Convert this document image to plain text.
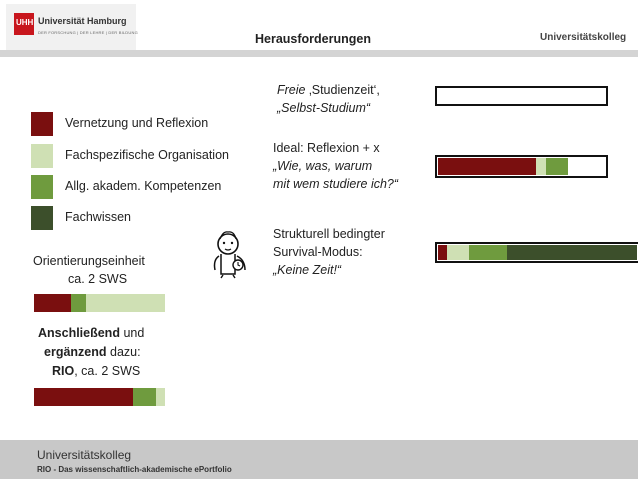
UHH Universität Hamburg
DER FORSCHUNG | DER LEHRE | DER BILDUNG	Herausforderungen	Universitätskolleg
Vernetzung und Reflexion
Fachspezifische Organisation
Allg. akadem. Kompetenzen
Fachwissen
Orientierungseinheit
ca. 2 SWS
Anschließend und
ergänzend dazu:
RIO, ca. 2 SWS
Freie ‚Studienzeit‘,
„Selbst-Studium“
Ideal: Reflexion + x
„Wie, was, warum
mit wem studiere ich?“
Strukturell bedingter
Survival-Modus:
„Keine Zeit!“
Universitätskolleg
RIO - Das wissenschaftlich-akademische ePortfolio
